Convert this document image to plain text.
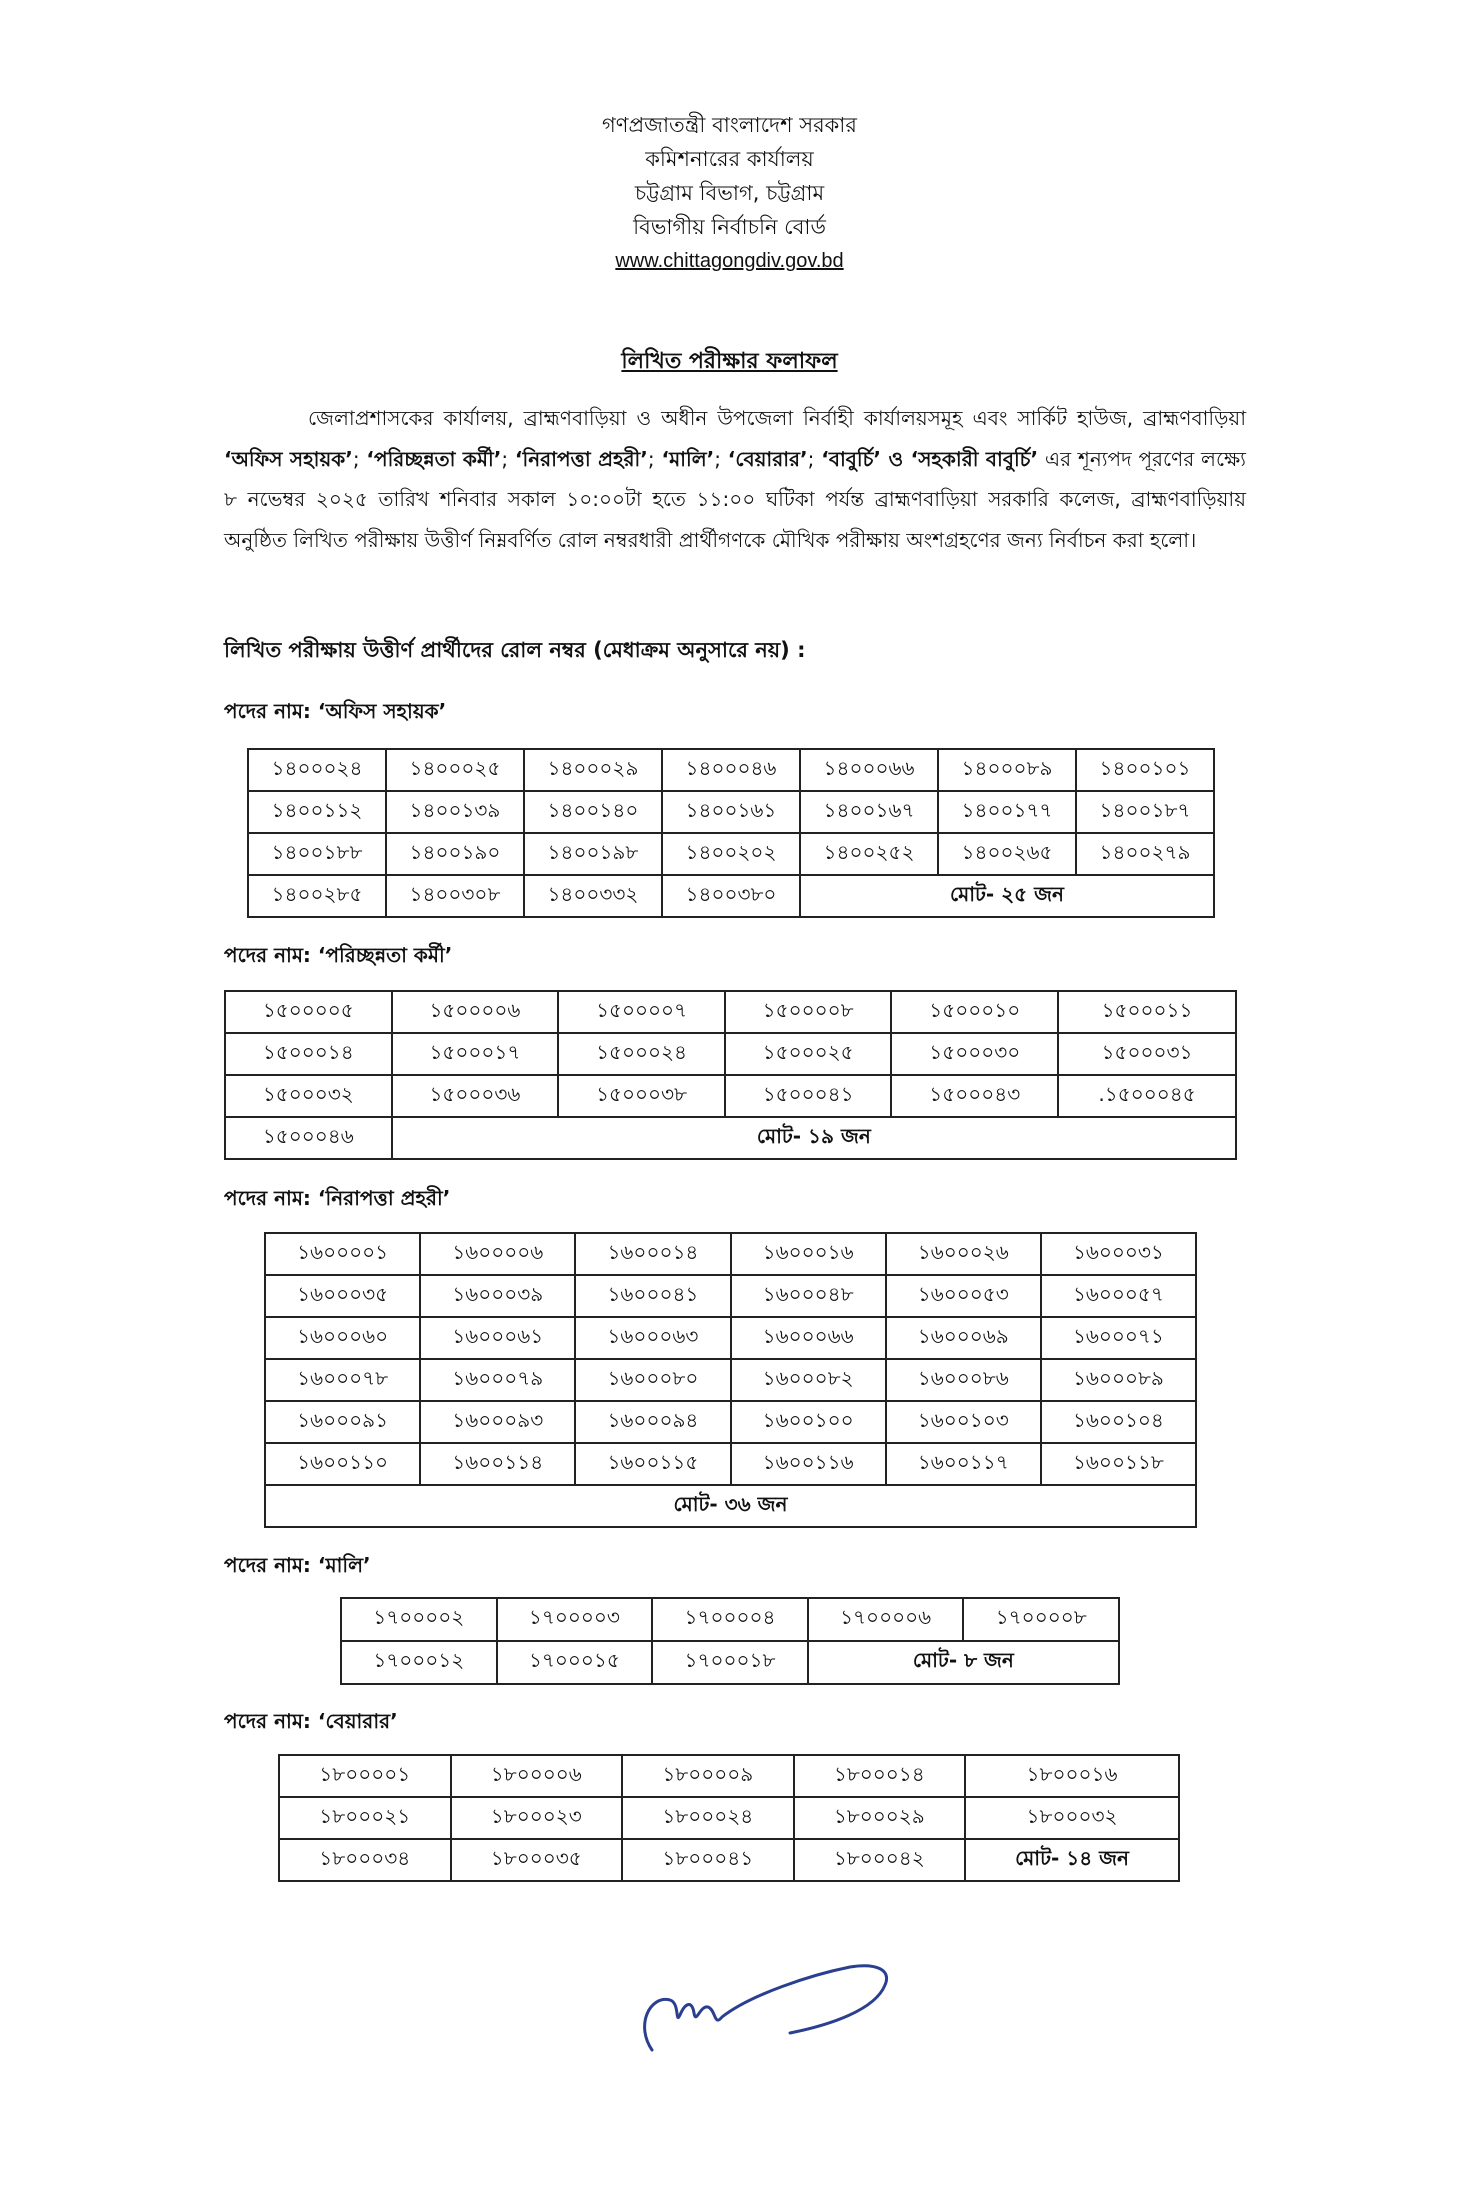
গণপ্রজাতন্ত্রী বাংলাদেশ সরকার
কমিশনারের কার্যালয়
চট্টগ্রাম বিভাগ, চট্টগ্রাম
বিভাগীয় নির্বাচনি বোর্ড
www.chittagongdiv.gov.bd
লিখিত পরীক্ষার ফলাফল
জেলাপ্রশাসকের কার্যালয়, ব্রাহ্মণবাড়িয়া ও অধীন উপজেলা নির্বাহী কার্যালয়সমূহ এবং সার্কিট হাউজ, ব্রাহ্মণবাড়িয়া ‘অফিস সহায়ক’; ‘পরিচ্ছন্নতা কর্মী’; ‘নিরাপত্তা প্রহরী’; ‘মালি’; ‘বেয়ারার’; ‘বাবুর্চি’ ও ‘সহকারী বাবুর্চি’ এর শূন্যপদ পূরণের লক্ষ্যে ৮ নভেম্বর ২০২৫ তারিখ শনিবার সকাল ১০:০০টা হতে ১১:০০ ঘটিকা পর্যন্ত ব্রাহ্মণবাড়িয়া সরকারি কলেজ, ব্রাহ্মণবাড়িয়ায় অনুষ্ঠিত লিখিত পরীক্ষায় উত্তীর্ণ নিম্নবর্ণিত রোল নম্বরধারী প্রার্থীগণকে মৌখিক পরীক্ষায় অংশগ্রহণের জন্য নির্বাচন করা হলো।
লিখিত পরীক্ষায় উত্তীর্ণ প্রার্থীদের রোল নম্বর (মেধাক্রম অনুসারে নয়) :
পদের নাম: ‘অফিস সহায়ক’
১৪০০০২৪	১৪০০০২৫	১৪০০০২৯	১৪০০০৪৬	১৪০০০৬৬	১৪০০০৮৯	১৪০০১০১
১৪০০১১২	১৪০০১৩৯	১৪০০১৪০	১৪০০১৬১	১৪০০১৬৭	১৪০০১৭৭	১৪০০১৮৭
১৪০০১৮৮	১৪০০১৯০	১৪০০১৯৮	১৪০০২০২	১৪০০২৫২	১৪০০২৬৫	১৪০০২৭৯
১৪০০২৮৫	১৪০০৩০৮	১৪০০৩৩২	১৪০০৩৮০	মোট- ২৫ জন		
পদের নাম: ‘পরিচ্ছন্নতা কর্মী’
১৫০০০০৫	১৫০০০০৬	১৫০০০০৭	১৫০০০০৮	১৫০০০১০	১৫০০০১১
১৫০০০১৪	১৫০০০১৭	১৫০০০২৪	১৫০০০২৫	১৫০০০৩০	১৫০০০৩১
১৫০০০৩২	১৫০০০৩৬	১৫০০০৩৮	১৫০০০৪১	১৫০০০৪৩	.১৫০০০৪৫
১৫০০০৪৬	মোট- ১৯ জন				
পদের নাম: ‘নিরাপত্তা প্রহরী’
১৬০০০০১	১৬০০০০৬	১৬০০০১৪	১৬০০০১৬	১৬০০০২৬	১৬০০০৩১
১৬০০০৩৫	১৬০০০৩৯	১৬০০০৪১	১৬০০০৪৮	১৬০০০৫৩	১৬০০০৫৭
১৬০০০৬০	১৬০০০৬১	১৬০০০৬৩	১৬০০০৬৬	১৬০০০৬৯	১৬০০০৭১
১৬০০০৭৮	১৬০০০৭৯	১৬০০০৮০	১৬০০০৮২	১৬০০০৮৬	১৬০০০৮৯
১৬০০০৯১	১৬০০০৯৩	১৬০০০৯৪	১৬০০১০০	১৬০০১০৩	১৬০০১০৪
১৬০০১১০	১৬০০১১৪	১৬০০১১৫	১৬০০১১৬	১৬০০১১৭	১৬০০১১৮
মোট- ৩৬ জন					
পদের নাম: ‘মালি’
১৭০০০০২	১৭০০০০৩	১৭০০০০৪	১৭০০০০৬	১৭০০০০৮
১৭০০০১২	১৭০০০১৫	১৭০০০১৮	মোট- ৮ জন	
পদের নাম: ‘বেয়ারার’
১৮০০০০১	১৮০০০০৬	১৮০০০০৯	১৮০০০১৪	১৮০০০১৬
১৮০০০২১	১৮০০০২৩	১৮০০০২৪	১৮০০০২৯	১৮০০০৩২
১৮০০০৩৪	১৮০০০৩৫	১৮০০০৪১	১৮০০০৪২	মোট- ১৪ জন
